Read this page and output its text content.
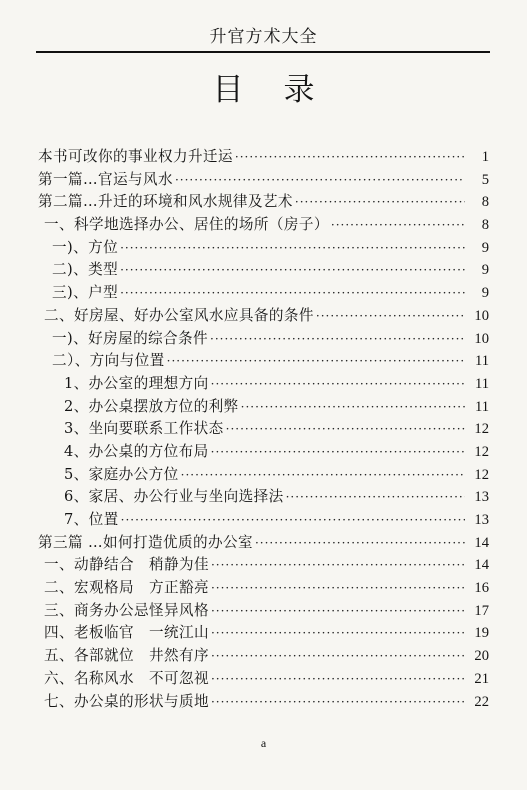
升官方术大全
目录
本书可改你的事业权力升迁运 ·····	1
第一篇…官运与风水 ·····	5
第二篇…升迁的环境和风水规律及艺术 ·····	8
一、科学地选择办公、居住的场所（房子） ·····	8
一)、方位 ·····	9
二)、类型 ·····	9
三)、户型 ·····	9
二、好房屋、好办公室风水应具备的条件 ·····	10
一)、好房屋的综合条件 ·····	10
二）、方向与位置 ·····	11
1、办公室的理想方向 ·····	11
2、办公桌摆放方位的利弊 ·····	11
3、坐向要联系工作状态 ·····	12
4、办公桌的方位布局 ·····	12
5、家庭办公方位 ·····	12
6、家居、办公行业与坐向选择法 ·····	13
7、位置 ·····	13
第三篇 …如何打造优质的办公室 ·····	14
一、动静结合　稍静为佳 ·····	14
二、宏观格局　方正豁亮 ·····	16
三、商务办公忌怪异风格 ·····	17
四、老板临官　一统江山 ·····	19
五、各部就位　井然有序 ·····	20
六、名称风水　不可忽视 ·····	21
七、办公桌的形状与质地 ·····	22
a
